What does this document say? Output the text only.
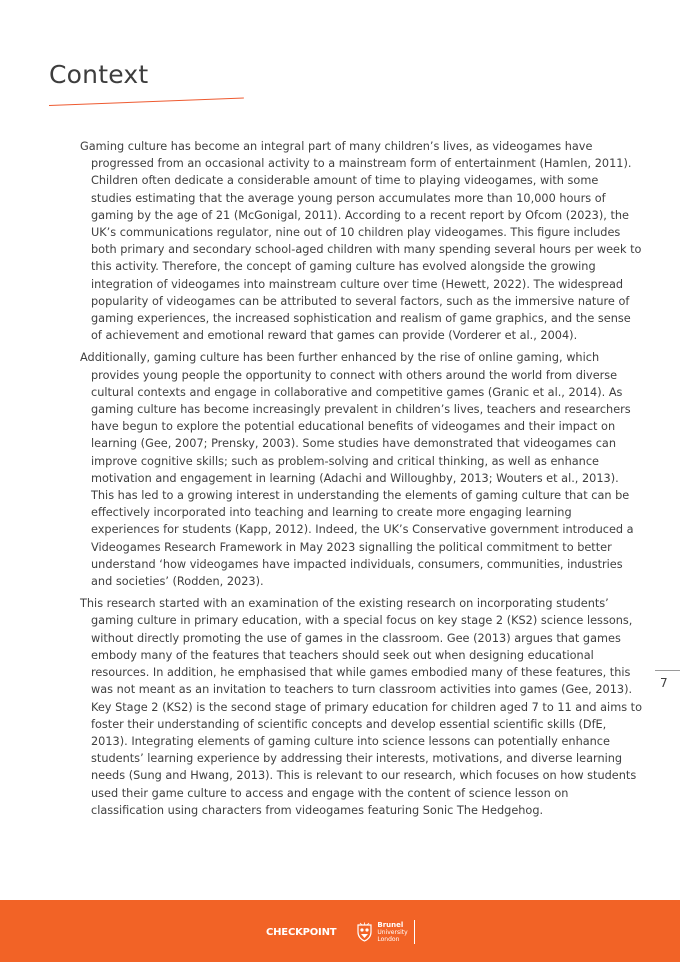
Context

Gaming culture has become an integral part of many children’s lives, as videogames have progressed from an occasional activity to a mainstream form of entertainment (Hamlen, 2011). Children often dedicate a considerable amount of time to playing videogames, with some studies estimating that the average young person accumulates more than 10,000 hours of gaming by the age of 21 (McGonigal, 2011). According to a recent report by Ofcom (2023), the UK’s communications regulator, nine out of 10 children play videogames. This figure includes both primary and secondary school-aged children with many spending several hours per week to this activity. Therefore, the concept of gaming culture has evolved alongside the growing integration of videogames into mainstream culture over time (Hewett, 2022). The widespread popularity of videogames can be attributed to several factors, such as the immersive nature of gaming experiences, the increased sophistication and realism of game graphics, and the sense of achievement and emotional reward that games can provide (Vorderer et al., 2004).

Additionally, gaming culture has been further enhanced by the rise of online gaming, which provides young people the opportunity to connect with others around the world from diverse cultural contexts and engage in collaborative and competitive games (Granic et al., 2014). As gaming culture has become increasingly prevalent in children’s lives, teachers and researchers have begun to explore the potential educational benefits of videogames and their impact on learning (Gee, 2007; Prensky, 2003). Some studies have demonstrated that videogames can improve cognitive skills; such as problem-solving and critical thinking, as well as enhance motivation and engagement in learning (Adachi and Willoughby, 2013; Wouters et al., 2013). This has led to a growing interest in understanding the elements of gaming culture that can be effectively incorporated into teaching and learning to create more engaging learning experiences for students (Kapp, 2012). Indeed, the UK’s Conservative government introduced a Videogames Research Framework in May 2023 signalling the political commitment to better understand ‘how videogames have impacted individuals, consumers, communities, industries and societies’ (Rodden, 2023).

This research started with an examination of the existing research on incorporating students’ gaming culture in primary education, with a special focus on key stage 2 (KS2) science lessons, without directly promoting the use of games in the classroom. Gee (2013) argues that games embody many of the features that teachers should seek out when designing educational resources. In addition, he emphasised that while games embodied many of these features, this was not meant as an invitation to teachers to turn classroom activities into games (Gee, 2013). Key Stage 2 (KS2) is the second stage of primary education for children aged 7 to 11 and aims to foster their understanding of scientific concepts and develop essential scientific skills (DfE, 2013). Integrating elements of gaming culture into science lessons can potentially enhance students’ learning experience by addressing their interests, motivations, and diverse learning needs (Sung and Hwang, 2013). This is relevant to our research, which focuses on how students used their game culture to access and engage with the content of science lesson on classification using characters from videogames featuring Sonic The Hedgehog.

7
CHECKPOINT
Brunel
University
London
